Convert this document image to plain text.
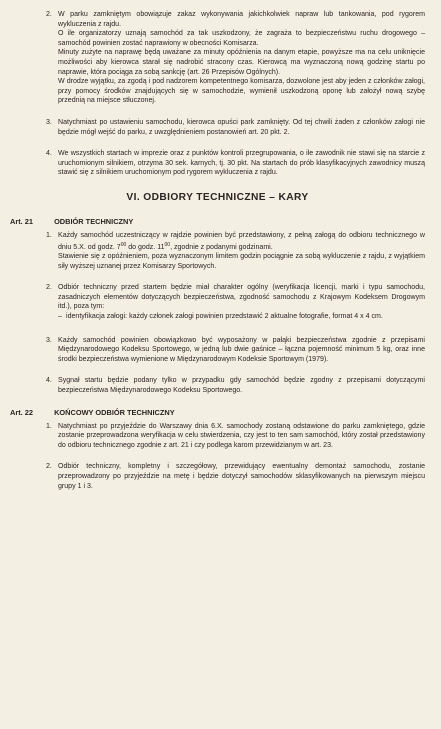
2. W parku zamkniętym obowiązuje zakaz wykonywania jakichkolwiek napraw lub tankowania, pod rygorem wykluczenia z rajdu.

O ile organizatorzy uznają samochód za tak uszkodzony, że zagraża to bezpieczeństwu ruchu drogowego – samochód powinien zostać naprawiony w obecności Komisarza.

Minuty zużyte na naprawę będą uważane za minuty opóźnienia na danym etapie, powyższe ma na celu uniknięcie możliwości aby kierowca starał się nadrobić stracony czas. Kierowcą ma wyznaczoną nową godzinę startu po naprawie, która pociąga za sobą sankcję (art. 26 Przepisów Ogólnych).

W drodze wyjątku, za zgodą i pod nadzorem kompetentnego komisarza, dozwolone jest aby jeden z członków załogi, przy pomocy środków znajdujących się w samochodzie, wymienił uszkodzoną oponę lub założył nową szybę przednią na miejsce stłuczonej.

3. Natychmiast po ustawieniu samochodu, kierowca opuści park zamknięty. Od tej chwili żaden z członków załogi nie będzie mógł wejść do parku, z uwzględnieniem postanowień art. 20 pkt. 2.

4. We wszystkich startach w imprezie oraz z punktów kontroli przegrupowania, o ile zawodnik nie stawi się na starcie z uruchomionym silnikiem, otrzyma 30 sek. karnych, tj. 30 pkt. Na startach do prób klasyfikacyjnych zawodnicy muszą stawić się z silnikiem uruchomionym pod rygorem wykluczenia z rajdu.

VI. ODBIORY TECHNICZNE – KARY
Art. 21	ODBIÓR TECHNICZNY
1. Każdy samochód uczestniczący w rajdzie powinien być przedstawiony, z pełną załogą do odbioru technicznego w dniu 5.X. od godz. $7^{00}$ do godz. $11^{00}$, zgodnie z podanymi godzinami.

Stawienie się z opóźnieniem, poza wyznaczonym limitem godzin pociągnie za sobą wykluczenie z rajdu, z wyjątkiem siły wyższej uznanej przez Komisarzy Sportowych.

2. Odbiór techniczny przed startem będzie miał charakter ogólny (weryfikacja licencji, marki i typu samochodu, zasadniczych elementów dotyczących bezpieczeństwa, zgodność samochodu z Krajowym Kodeksem Drogowym itd.), poza tym:

– identyfikacja załogi: każdy członek załogi powinien przedstawić 2 aktualne fotografie, format 4 x 4 cm.
3. Każdy samochód powinien obowiązkowo być wyposażony w pałąki bezpieczeństwa zgodnie z przepisami Międzynarodowego Kodeksu Sportowego, w jedną lub dwie gaśnice – łączna pojemność minimum 5 kg, oraz inne środki bezpieczeństwa wymienione w Międzynarodowym Kodeksie Sportowym (1979).

4. Sygnał startu będzie podany tylko w przypadku gdy samochód będzie zgodny z przepisami dotyczącymi bezpieczeństwa Międzynarodowego Kodeksu Sportowego.

Art. 22	KOŃCOWY ODBIÓR TECHNICZNY
1. Natychmiast po przyjeździe do Warszawy dnia 6.X. samochody zostaną odstawione do parku zamkniętego, gdzie zostanie przeprowadzona weryfikacja w celu stwierdzenia, czy jest to ten sam samochód, który został przedstawiony do odbioru technicznego zgodnie z art. 21 i czy podlega karom przewidzianym w art. 23.

2. Odbiór techniczny, kompletny i szczegółowy, przewidujący ewentualny demontaż samochodu, zostanie przeprowadzony po przyjeździe na metę i będzie dotyczył samochodów sklasyfikowanych na pierwszym miejscu grupy 1 i 3.
